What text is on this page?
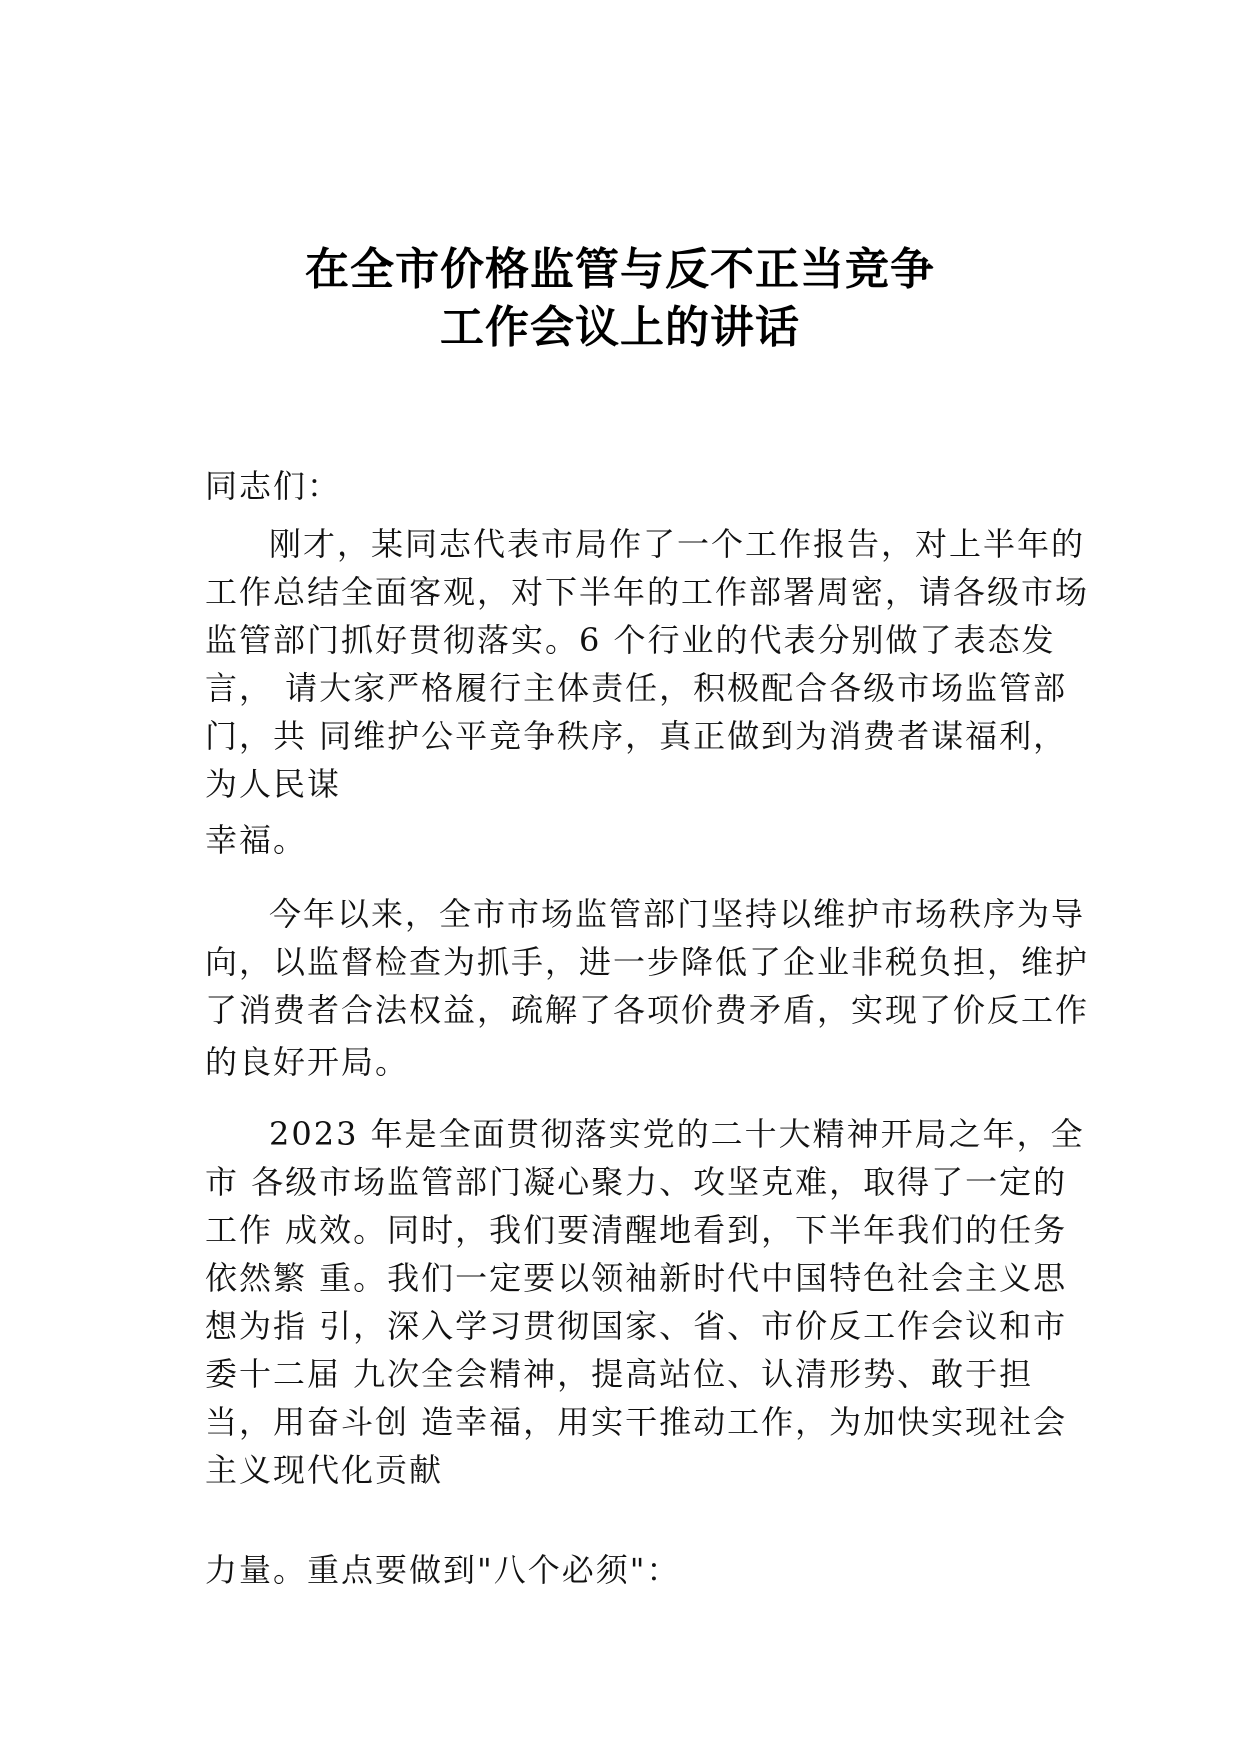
在全市价格监管与反不正当竞争
工作会议上的讲话
同志们：
刚才，某同志代表市局作了一个工作报告，对上半年的
工作总结全面客观，对下半年的工作部署周密，请各级市场
监管部门抓好贯彻落实。6 个行业的代表分别做了表态发
言， 请大家严格履行主体责任，积极配合各级市场监管部
门，共 同维护公平竞争秩序，真正做到为消费者谋福利，
为人民谋
幸福。
今年以来，全市市场监管部门坚持以维护市场秩序为导
向，以监督检查为抓手，进一步降低了企业非税负担，维护
了消费者合法权益，疏解了各项价费矛盾，实现了价反工作
的良好开局。
2023 年是全面贯彻落实党的二十大精神开局之年，全
市 各级市场监管部门凝心聚力、攻坚克难，取得了一定的
工作 成效。同时，我们要清醒地看到，下半年我们的任务
依然繁 重。我们一定要以领袖新时代中国特色社会主义思
想为指 引，深入学习贯彻国家、省、市价反工作会议和市
委十二届 九次全会精神，提高站位、认清形势、敢于担
当，用奋斗创 造幸福，用实干推动工作，为加快实现社会
主义现代化贡献
力量。重点要做到"八个必须"：
